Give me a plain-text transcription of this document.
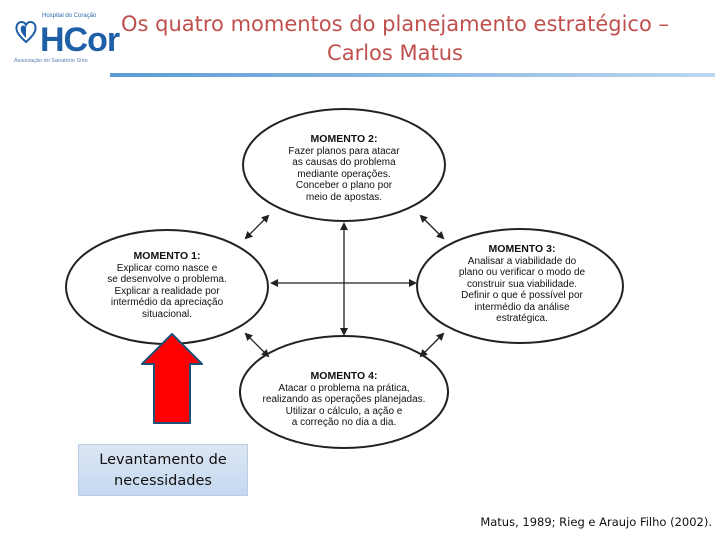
Hospital do Coração
HCor
Associação do Sanatório Sírio
Os quatro momentos do planejamento estratégico –
Carlos Matus
MOMENTO 2:
Fazer planos para atacar
as causas do problema
mediante operações.
Conceber o plano por
meio de apostas.
MOMENTO 1:
Explicar como nasce e
se desenvolve o problema.
Explicar a realidade por
intermédio da apreciação
situacional.
MOMENTO 3:
Analisar a viabilidade do
plano ou verificar o modo de
construir sua viabilidade.
Definir o que é possível por
intermédio da análise
estratégica.
MOMENTO 4:
Atacar o problema na prática,
realizando as operações planejadas.
Utilizar o cálculo, a ação e
a correção no dia a dia.
Levantamento de
necessidades
Matus, 1989; Rieg e Araujo Filho (2002).
